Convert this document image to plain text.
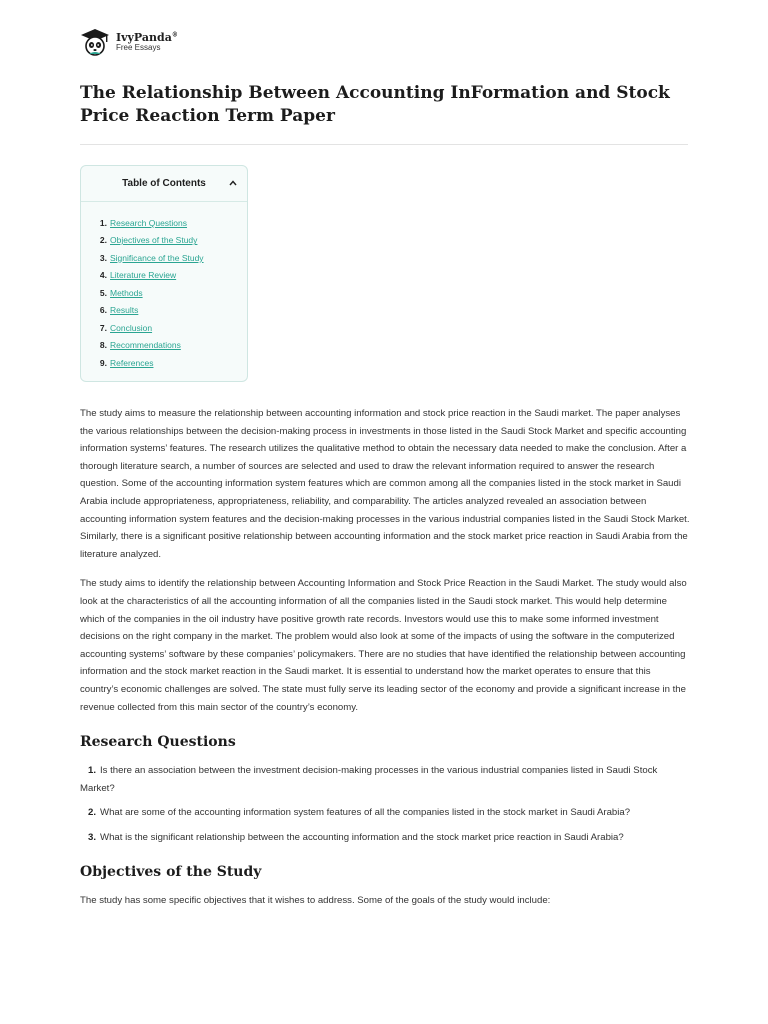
IvyPanda®
Free Essays
The Relationship Between Accounting InFormation and Stock Price Reaction Term Paper
Table of Contents
1. Research Questions
2. Objectives of the Study
3. Significance of the Study
4. Literature Review
5. Methods
6. Results
7. Conclusion
8. Recommendations
9. References

The study aims to measure the relationship between accounting information and stock price reaction in the Saudi market. The paper analyses the various relationships between the decision-making process in investments in those listed in the Saudi Stock Market and specific accounting information systems’ features. The research utilizes the qualitative method to obtain the necessary data needed to make the conclusion. After a thorough literature search, a number of sources are selected and used to draw the relevant information required to answer the research question. Some of the accounting information system features which are common among all the companies listed in the stock market in Saudi Arabia include appropriateness, appropriateness, reliability, and comparability. The articles analyzed revealed an association between accounting information system features and the decision-making processes in the various industrial companies listed in the Saudi Stock Market. Similarly, there is a significant positive relationship between accounting information and the stock market price reaction in Saudi Arabia from the literature analyzed.

The study aims to identify the relationship between Accounting Information and Stock Price Reaction in the Saudi Market. The study would also look at the characteristics of all the accounting information of all the companies listed in the Saudi stock market. This would help determine which of the companies in the oil industry have positive growth rate records. Investors would use this to make some informed investment decisions on the right company in the market. The problem would also look at some of the impacts of using the software in the computerized accounting systems’ software by these companies’ policymakers. There are no studies that have identified the relationship between accounting information and the stock market reaction in the Saudi market. It is essential to understand how the market operates to ensure that this country’s economic challenges are solved. The state must fully serve its leading sector of the economy and provide a significant increase in the revenue collected from this main sector of the country’s economy.

Research Questions
1. Is there an association between the investment decision-making processes in the various industrial companies listed in Saudi Stock Market?
2. What are some of the accounting information system features of all the companies listed in the stock market in Saudi Arabia?
3. What is the significant relationship between the accounting information and the stock market price reaction in Saudi Arabia?
Objectives of the Study

The study has some specific objectives that it wishes to address. Some of the goals of the study would include:
